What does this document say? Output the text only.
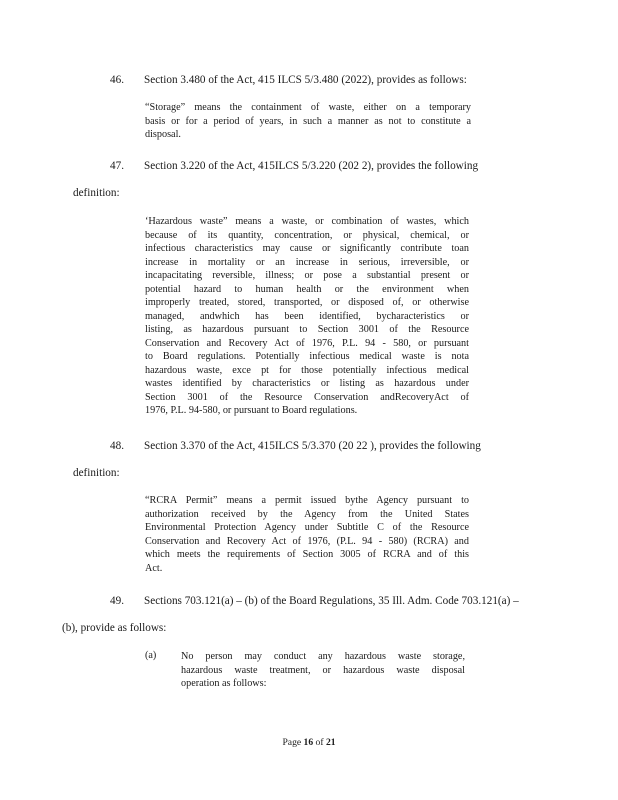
46. Section 3.480 of the Act, 415 ILCS 5/3.480 (2022), provides as follows:
“Storage” means the containment of waste, either on a temporary
basis or for a period of years, in such a manner as not to constitute a
disposal.
47. Section 3.220 of the Act, 415ILCS 5/3.220 (202 2), provides the following
definition:
‘Hazardous waste” means a waste, or combination of wastes, which
because of its quantity, concentration, or physical, chemical, or
infectious characteristics may cause or significantly contribute toan
increase in mortality or an increase in serious, irreversible, or
incapacitating reversible, illness; or pose a substantial present or
potential hazard to human health or the environment when
improperly treated, stored, transported, or disposed of, or otherwise
managed, andwhich has been identified, bycharacteristics or
listing, as hazardous pursuant to Section 3001 of the Resource
Conservation and Recovery Act of 1976, P.L. 94 - 580, or pursuant
to Board regulations. Potentially infectious medical waste is nota
hazardous waste, exce pt for those potentially infectious medical
wastes identified by characteristics or listing as hazardous under
Section 3001 of the Resource Conservation andRecoveryAct of
1976, P.L. 94-580, or pursuant to Board regulations.
48. Section 3.370 of the Act, 415ILCS 5/3.370 (20 22 ), provides the following
definition:
“RCRA Permit” means a permit issued bythe Agency pursuant to
authorization received by the Agency from the United States
Environmental Protection Agency under Subtitle C of the Resource
Conservation and Recovery Act of 1976, (P.L. 94 - 580) (RCRA) and
which meets the requirements of Section 3005 of RCRA and of this
Act.
49. Sections 703.121(a) – (b) of the Board Regulations, 35 Ill. Adm. Code 703.121(a) –
(b), provide as follows:
(a) No person may conduct any hazardous waste storage,
hazardous waste treatment, or hazardous waste disposal
operation as follows:
Page 16 of 21
